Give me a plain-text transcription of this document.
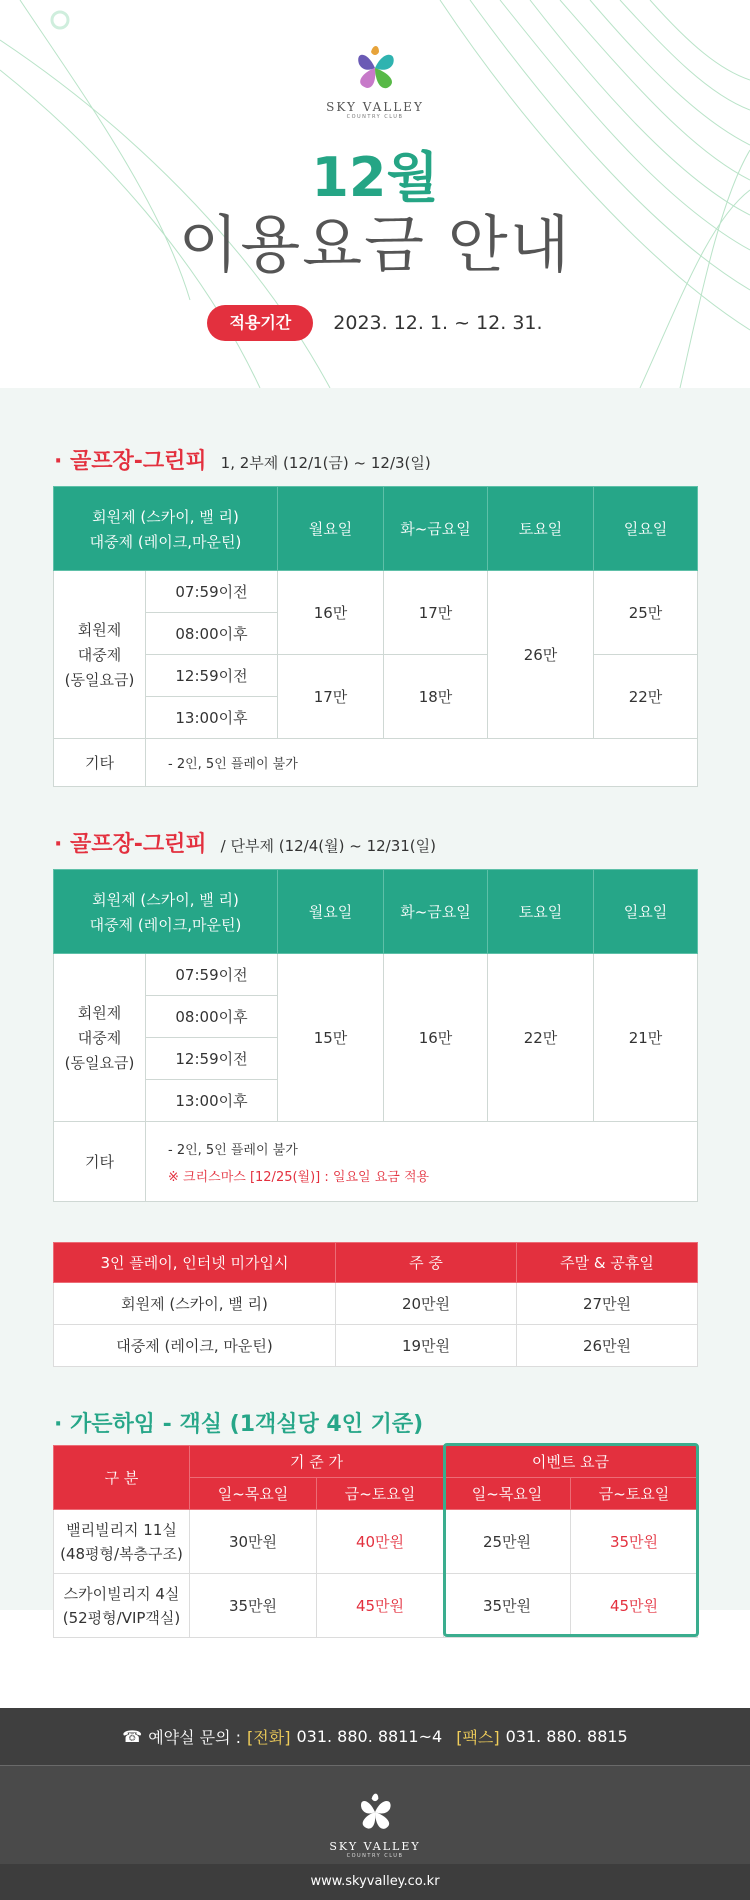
SKY VALLEY
COUNTRY CLUB
12월
이용요금 안내
적용기간	2023. 12. 1. ~ 12. 31.
· 골프장-그린피 1, 2부제 (12/1(금) ~ 12/3(일)
회원제 (스카이, 밸 리)
대중제 (레이크,마운틴)		월요일	화~금요일	토요일	일요일

회원제
대중제
(동일요금)	07:59이전	16만	17만	26만	25만
	08:00이후				
	12:59이전	17만	18만		22만
	13:00이후				
기타	- 2인, 5인 플레이 불가				
· 골프장-그린피 / 단부제 (12/4(월) ~ 12/31(일)
회원제 (스카이, 밸 리)
대중제 (레이크,마운틴)		월요일	화~금요일	토요일	일요일

회원제
대중제
(동일요금)	07:59이전	15만	16만	22만	21만
	08:00이후				
	12:59이전				
	13:00이후				
기타	- 2인, 5인 플레이 불가
※ 크리스마스 [12/25(월)] : 일요일 요금 적용				
3인 플레이, 인터넷 미가입시	주 중	주말 & 공휴일
회원제 (스카이, 밸 리)	20만원	27만원
대중제 (레이크, 마운틴)	19만원	26만원
· 가든하임 - 객실 (1객실당 4인 기준)
구 분	기 준 가		이벤트 요금	
	일~목요일	금~토요일	일~목요일	금~토요일

밸리빌리지 11실
(48평형/복층구조)	30만원	40만원	25만원	35만원

스카이빌리지 4실
(52평형/VIP객실)	35만원	45만원	35만원	45만원
☎ 예약실 문의 : [전화] 031. 880. 8811~4 [팩스] 031. 880. 8815
SKY VALLEY
COUNTRY CLUB
www.skyvalley.co.kr
